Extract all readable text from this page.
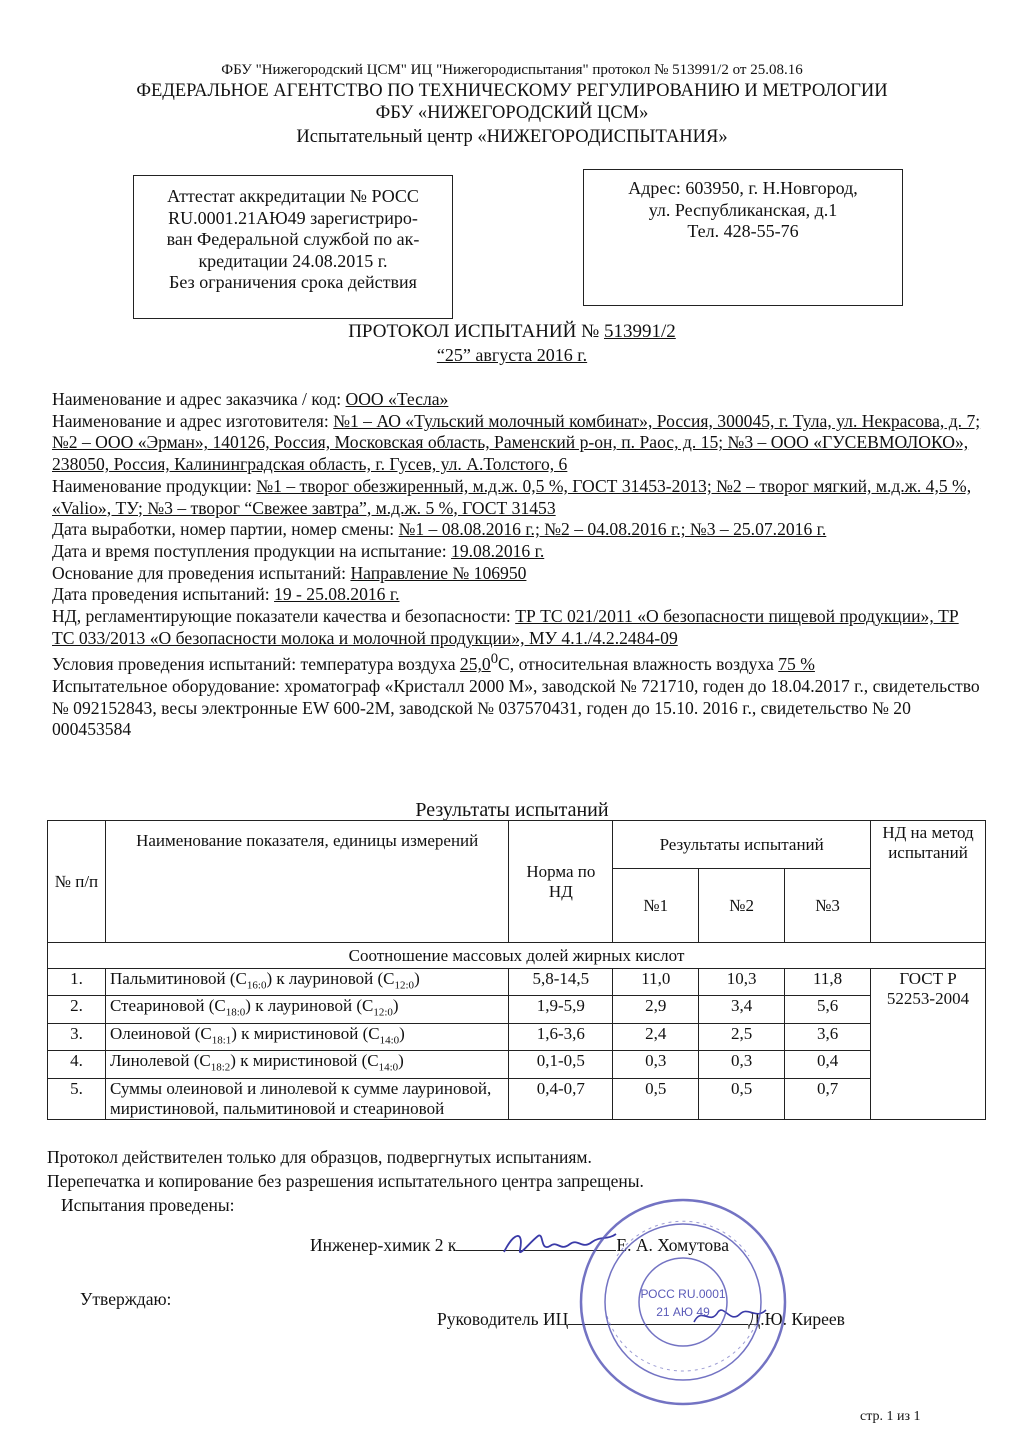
ФБУ "Нижегородский ЦСМ" ИЦ "Нижегородиспытания" протокол № 513991/2 от 25.08.16
ФЕДЕРАЛЬНОЕ АГЕНТСТВО ПО ТЕХНИЧЕСКОМУ РЕГУЛИРОВАНИЮ И МЕТРОЛОГИИ
ФБУ «НИЖЕГОРОДСКИЙ ЦСМ»
Испытательный центр «НИЖЕГОРОДИСПЫТАНИЯ»
Аттестат аккредитации № РОСС
RU.0001.21АЮ49 зарегистриро-
ван Федеральной службой по ак-
кредитации 24.08.2015 г.
Без ограничения срока действия
Адрес: 603950, г. Н.Новгород,
ул. Республиканская, д.1
Тел. 428-55-76
ПРОТОКОЛ ИСПЫТАНИЙ № 513991/2
“25” августа 2016 г.

Наименование и адрес заказчика / код: ООО «Тесла»

Наименование и адрес изготовителя: №1 – АО «Тульский молочный комбинат», Россия, 300045, г. Тула, ул. Некрасова, д. 7; №2 – ООО «Эрман», 140126, Россия, Московская область, Раменский р-он, п. Раос, д. 15; №3 – ООО «ГУСЕВМОЛОКО», 238050, Россия, Калининградская область, г. Гусев, ул. А.Толстого, 6

Наименование продукции: №1 – творог обезжиренный, м.д.ж. 0,5 %, ГОСТ 31453-2013; №2 – творог мягкий, м.д.ж. 4,5 %, «Valio», ТУ; №3 – творог “Свежее завтра”, м.д.ж. 5 %, ГОСТ 31453

Дата выработки, номер партии, номер смены: №1 – 08.08.2016 г.; №2 – 04.08.2016 г.; №3 – 25.07.2016 г.

Дата и время поступления продукции на испытание: 19.08.2016 г.

Основание для проведения испытаний: Направление № 106950

Дата проведения испытаний: 19 - 25.08.2016 г.

НД, регламентирующие показатели качества и безопасности: ТР ТС 021/2011 «О безопасности пищевой продукции», ТР ТС 033/2013 «О безопасности молока и молочной продукции», МУ 4.1./4.2.2484-09

Условия проведения испытаний: температура воздуха 25,0$^0$С, относительная влажность воздуха 75 %

Испытательное оборудование: хроматограф «Кристалл 2000 М», заводской № 721710, годен до 18.04.2017 г., свидетельство № 092152843, весы электронные EW 600-2М, заводской № 037570431, годен до 15.10. 2016 г., свидетельство № 20 000453584

Результаты испытаний
№ п/п	Наименование показателя, единицы измерений	Норма по НД	Результаты испытаний			НД на метод испытаний
			№1	№2	№3	
Соотношение массовых долей жирных кислот						
1.	Пальмитиновой $(С_{16:0})$ к лауриновой $(С_{12:0})$	5,8-14,5	11,0	10,3	11,8	ГОСТ Р 52253-2004
2.	Стеариновой $(С_{18:0})$ к лауриновой $(С_{12:0})$	1,9-5,9	2,9	3,4	5,6	
3.	Олеиновой $(С_{18:1})$ к миристиновой $(С_{14:0})$	1,6-3,6	2,4	2,5	3,6	
4.	Линолевой $(С_{18:2})$ к миристиновой $(С_{14:0})$	0,1-0,5	0,3	0,3	0,4	
5.	Суммы олеиновой и линолевой к сумме лауриновой, миристиновой, пальмитиновой и стеариновой	0,4-0,7	0,5	0,5	0,7	

Протокол действителен только для образцов, подвергнутых испытаниям.

Перепечатка и копирование без разрешения испытательного центра запрещены.

Испытания проведены:

Инженер-химик 2 к	Е. А. Хомутова
Утверждаю:
Руководитель ИЦ	Д.Ю. Киреев
РОСС RU.0001
21 АЮ 49
стр. 1 из 1
